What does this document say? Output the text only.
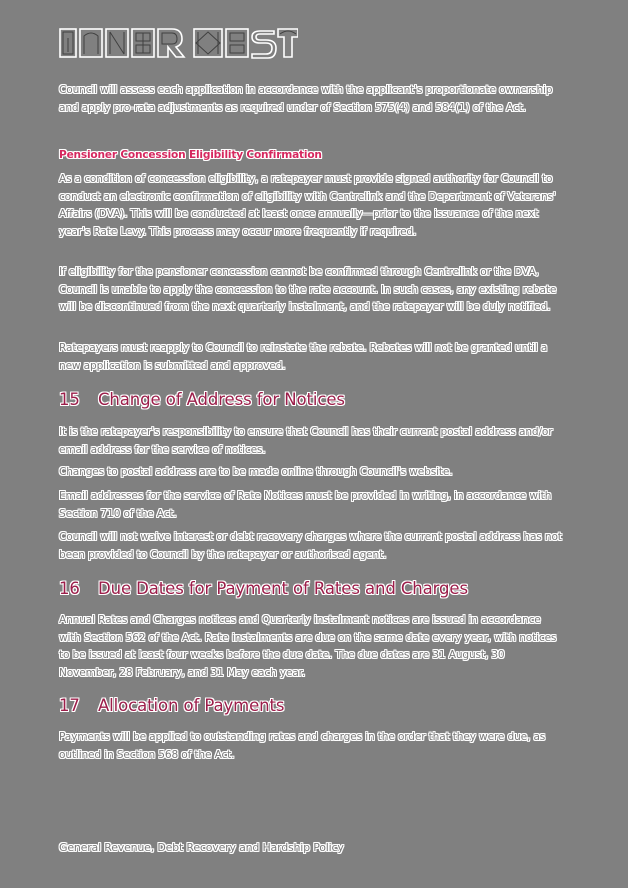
Council will assess each application in accordance with the applicant's proportionate ownership and apply pro-rata adjustments as required under of Section 575(4) and 584(1) of the Act.

Pensioner Concession Eligibility Confirmation

As a condition of concession eligibility, a ratepayer must provide signed authority for Council to conduct an electronic confirmation of eligibility with Centrelink and the Department of Veterans' Affairs (DVA). This will be conducted at least once annually—prior to the issuance of the next year's Rate Levy. This process may occur more frequently if required.

If eligibility for the pensioner concession cannot be confirmed through Centrelink or the DVA, Council is unable to apply the concession to the rate account. In such cases, any existing rebate will be discontinued from the next quarterly instalment, and the ratepayer will be duly notified.

Ratepayers must reapply to Council to reinstate the rebate. Rebates will not be granted until a new application is submitted and approved.

15 Change of Address for Notices

It is the ratepayer's responsibility to ensure that Council has their current postal address and/or email address for the service of notices.

Changes to postal address are to be made online through Council's website.

Email addresses for the service of Rate Notices must be provided in writing, in accordance with Section 710 of the Act.

Council will not waive interest or debt recovery charges where the current postal address has not been provided to Council by the ratepayer or authorised agent.

16 Due Dates for Payment of Rates and Charges

Annual Rates and Charges notices and Quarterly instalment notices are issued in accordance with Section 562 of the Act. Rate instalments are due on the same date every year, with notices to be issued at least four weeks before the due date. The due dates are 31 August, 30 November, 28 February, and 31 May each year.

17 Allocation of Payments

Payments will be applied to outstanding rates and charges in the order that they were due, as outlined in Section 568 of the Act.

General Revenue, Debt Recovery and Hardship Policy
